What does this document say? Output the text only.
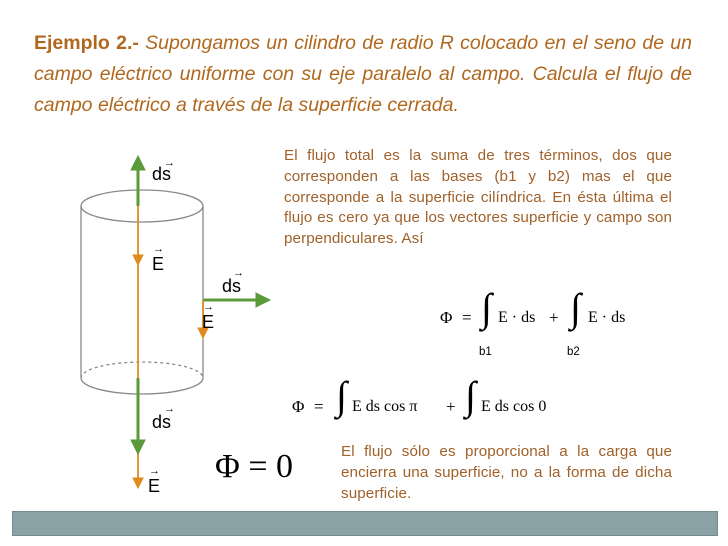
Ejemplo 2.- Supongamos un cilindro de radio R colocado en el seno de un campo eléctrico uniforme con su eje paralelo al campo. Calcula el flujo de campo eléctrico a través de la superficie cerrada.
ds
→
E
→
ds
→
E
→
ds
→
E
→
El flujo total es la suma de tres términos, dos que corresponden a las bases (b1 y b2) mas el que corresponde a la superficie cilíndrica. En ésta última el flujo es cero ya que los vectores superficie y campo son perpendiculares. Así
Φ = ∫ E · ds + ∫ E · ds
b1	b2
Φ = ∫ E ds cos π + ∫ E ds cos 0
Φ = 0	El flujo sólo es proporcional a la carga que encierra una superficie, no a la forma de dicha superficie.
